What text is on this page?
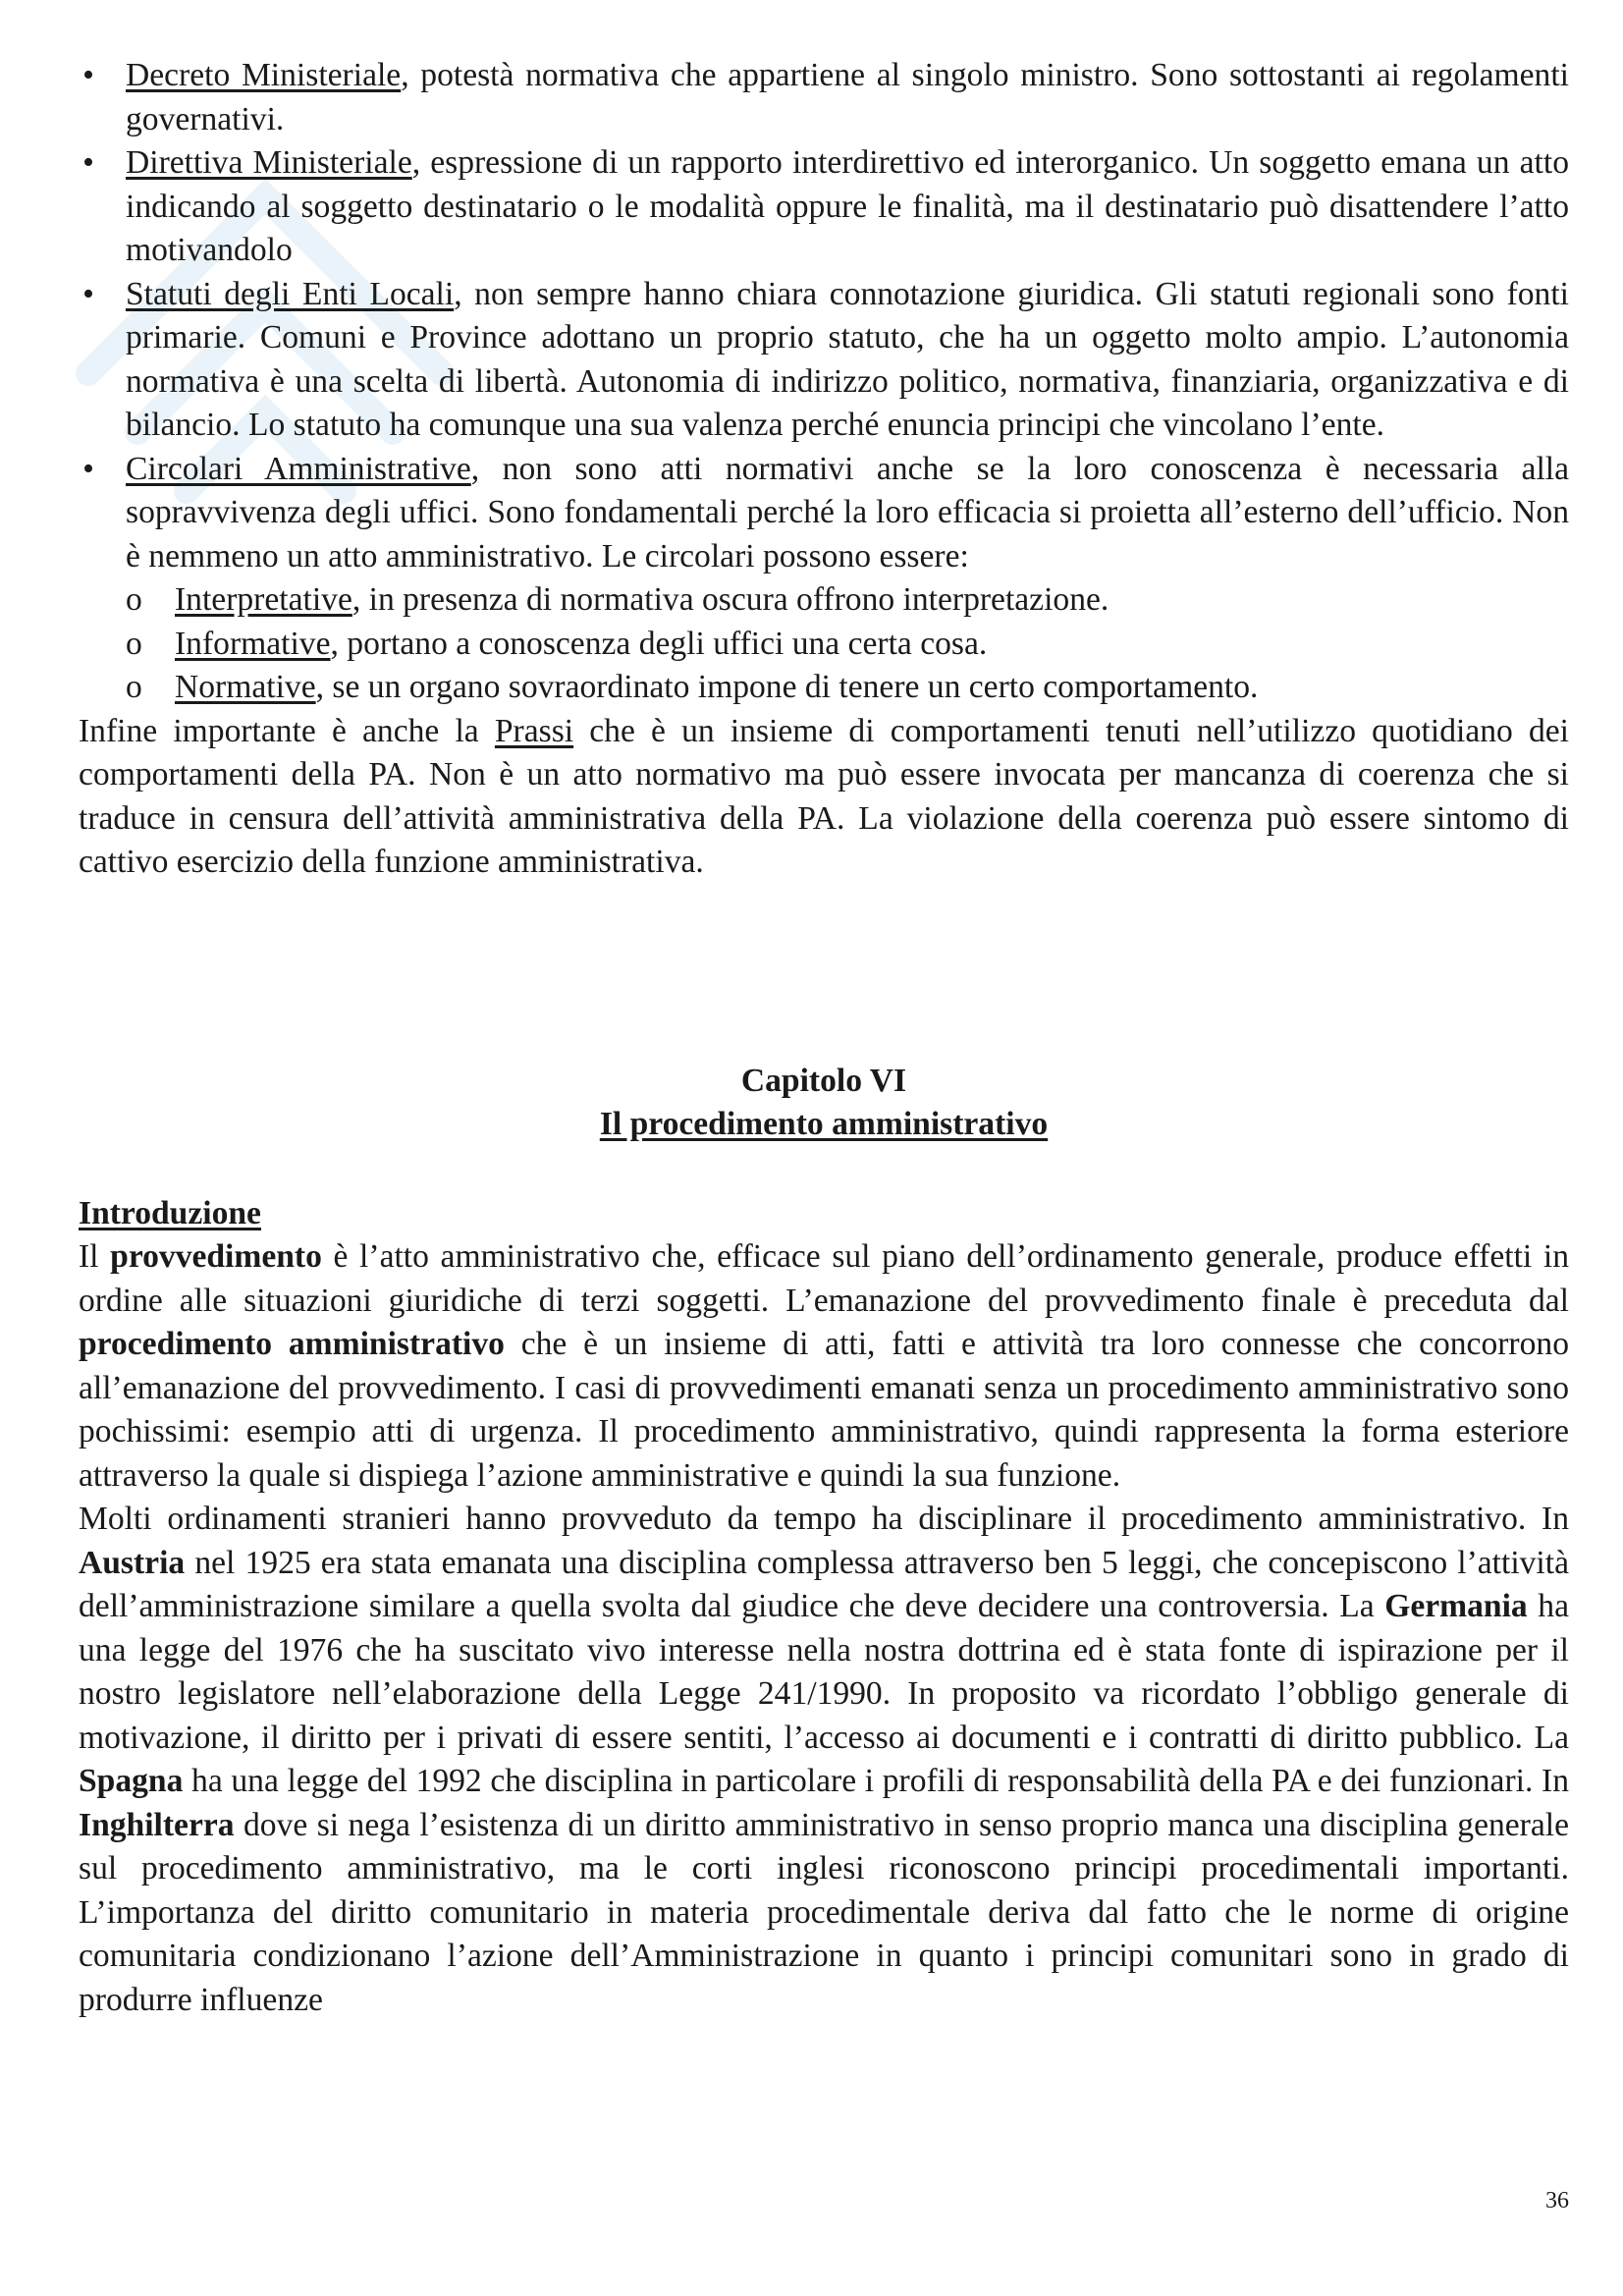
• Decreto Ministeriale, potestà normativa che appartiene al singolo ministro. Sono sottostanti ai regolamenti governativi.
• Direttiva Ministeriale, espressione di un rapporto interdirettivo ed interorganico. Un soggetto emana un atto indicando al soggetto destinatario o le modalità oppure le finalità, ma il destinatario può disattendere l’atto motivandolo
• Statuti degli Enti Locali, non sempre hanno chiara connotazione giuridica. Gli statuti regionali sono fonti primarie. Comuni e Province adottano un proprio statuto, che ha un oggetto molto ampio. L’autonomia normativa è una scelta di libertà. Autonomia di indirizzo politico, normativa, finanziaria, organizzativa e di bilancio. Lo statuto ha comunque una sua valenza perché enuncia principi che vincolano l’ente.
• Circolari Amministrative, non sono atti normativi anche se la loro conoscenza è necessaria alla sopravvivenza degli uffici. Sono fondamentali perché la loro efficacia si proietta all’esterno dell’ufficio. Non è nemmeno un atto amministrativo. Le circolari possono essere:
o Interpretative, in presenza di normativa oscura offrono interpretazione.
o Informative, portano a conoscenza degli uffici una certa cosa.
o Normative, se un organo sovraordinato impone di tenere un certo comportamento.

Infine importante è anche la Prassi che è un insieme di comportamenti tenuti nell’utilizzo quotidiano dei comportamenti della PA. Non è un atto normativo ma può essere invocata per mancanza di coerenza che si traduce in censura dell’attività amministrativa della PA. La violazione della coerenza può essere sintomo di cattivo esercizio della funzione amministrativa.

Capitolo VI
Il procedimento amministrativo
Introduzione

Il provvedimento è l’atto amministrativo che, efficace sul piano dell’ordinamento generale, produce effetti in ordine alle situazioni giuridiche di terzi soggetti. L’emanazione del provvedimento finale è preceduta dal procedimento amministrativo che è un insieme di atti, fatti e attività tra loro connesse che concorrono all’emanazione del provvedimento. I casi di provvedimenti emanati senza un procedimento amministrativo sono pochissimi: esempio atti di urgenza. Il procedimento amministrativo, quindi rappresenta la forma esteriore attraverso la quale si dispiega l’azione amministrative e quindi la sua funzione.

Molti ordinamenti stranieri hanno provveduto da tempo ha disciplinare il procedimento amministrativo. In Austria nel 1925 era stata emanata una disciplina complessa attraverso ben 5 leggi, che concepiscono l’attività dell’amministrazione similare a quella svolta dal giudice che deve decidere una controversia. La Germania ha una legge del 1976 che ha suscitato vivo interesse nella nostra dottrina ed è stata fonte di ispirazione per il nostro legislatore nell’elaborazione della Legge 241/1990. In proposito va ricordato l’obbligo generale di motivazione, il diritto per i privati di essere sentiti, l’accesso ai documenti e i contratti di diritto pubblico. La Spagna ha una legge del 1992 che disciplina in particolare i profili di responsabilità della PA e dei funzionari. In Inghilterra dove si nega l’esistenza di un diritto amministrativo in senso proprio manca una disciplina generale sul procedimento amministrativo, ma le corti inglesi riconoscono principi procedimentali importanti. L’importanza del diritto comunitario in materia procedimentale deriva dal fatto che le norme di origine comunitaria condizionano l’azione dell’Amministrazione in quanto i principi comunitari sono in grado di produrre influenze

36
